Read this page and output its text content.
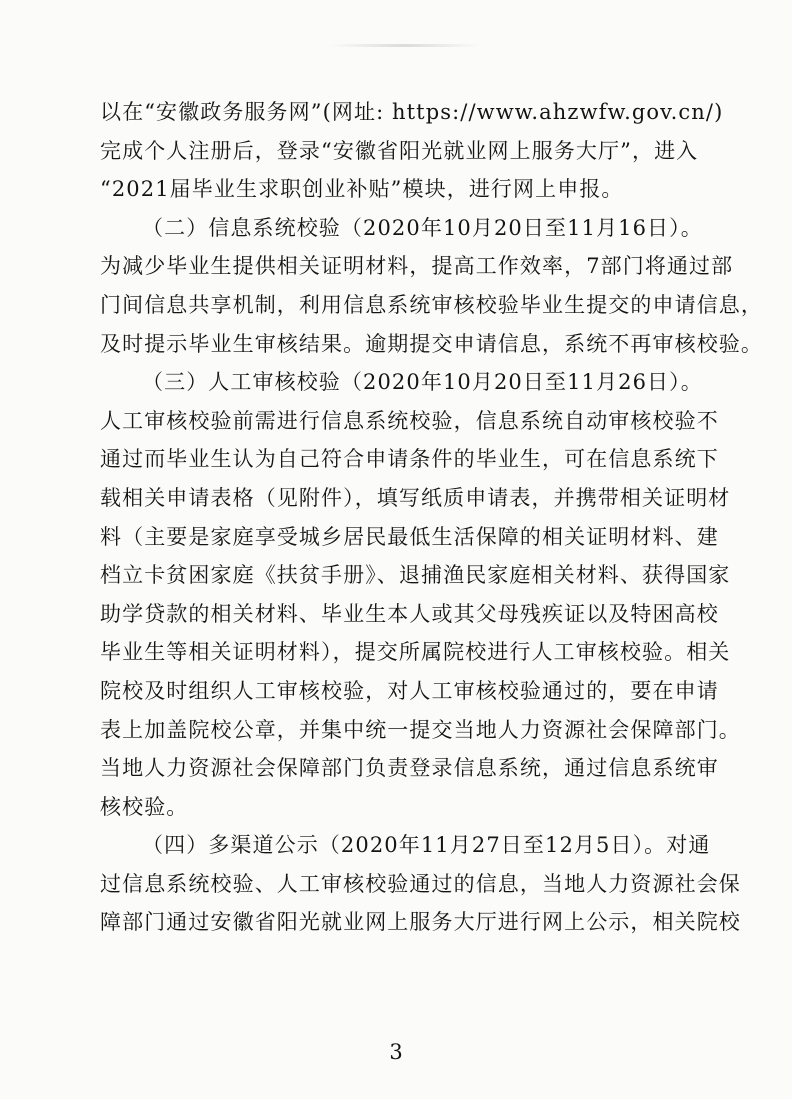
以在“安徽政务服务网”(网址: https://www.ahzwfw.gov.cn/)
完成个人注册后，登录“安徽省阳光就业网上服务大厅”，进入
“2021届毕业生求职创业补贴”模块，进行网上申报。
（二）信息系统校验（2020年10月20日至11月16日）。
为减少毕业生提供相关证明材料，提高工作效率，7部门将通过部
门间信息共享机制，利用信息系统审核校验毕业生提交的申请信息，
及时提示毕业生审核结果。逾期提交申请信息，系统不再审核校验。
（三）人工审核校验（2020年10月20日至11月26日）。
人工审核校验前需进行信息系统校验，信息系统自动审核校验不
通过而毕业生认为自己符合申请条件的毕业生，可在信息系统下
载相关申请表格（见附件），填写纸质申请表，并携带相关证明材
料（主要是家庭享受城乡居民最低生活保障的相关证明材料、建
档立卡贫困家庭《扶贫手册》、退捕渔民家庭相关材料、获得国家
助学贷款的相关材料、毕业生本人或其父母残疾证以及特困高校
毕业生等相关证明材料），提交所属院校进行人工审核校验。相关
院校及时组织人工审核校验，对人工审核校验通过的，要在申请
表上加盖院校公章，并集中统一提交当地人力资源社会保障部门。
当地人力资源社会保障部门负责登录信息系统，通过信息系统审
核校验。
（四）多渠道公示（2020年11月27日至12月5日）。对通
过信息系统校验、人工审核校验通过的信息，当地人力资源社会保
障部门通过安徽省阳光就业网上服务大厅进行网上公示，相关院校
3
